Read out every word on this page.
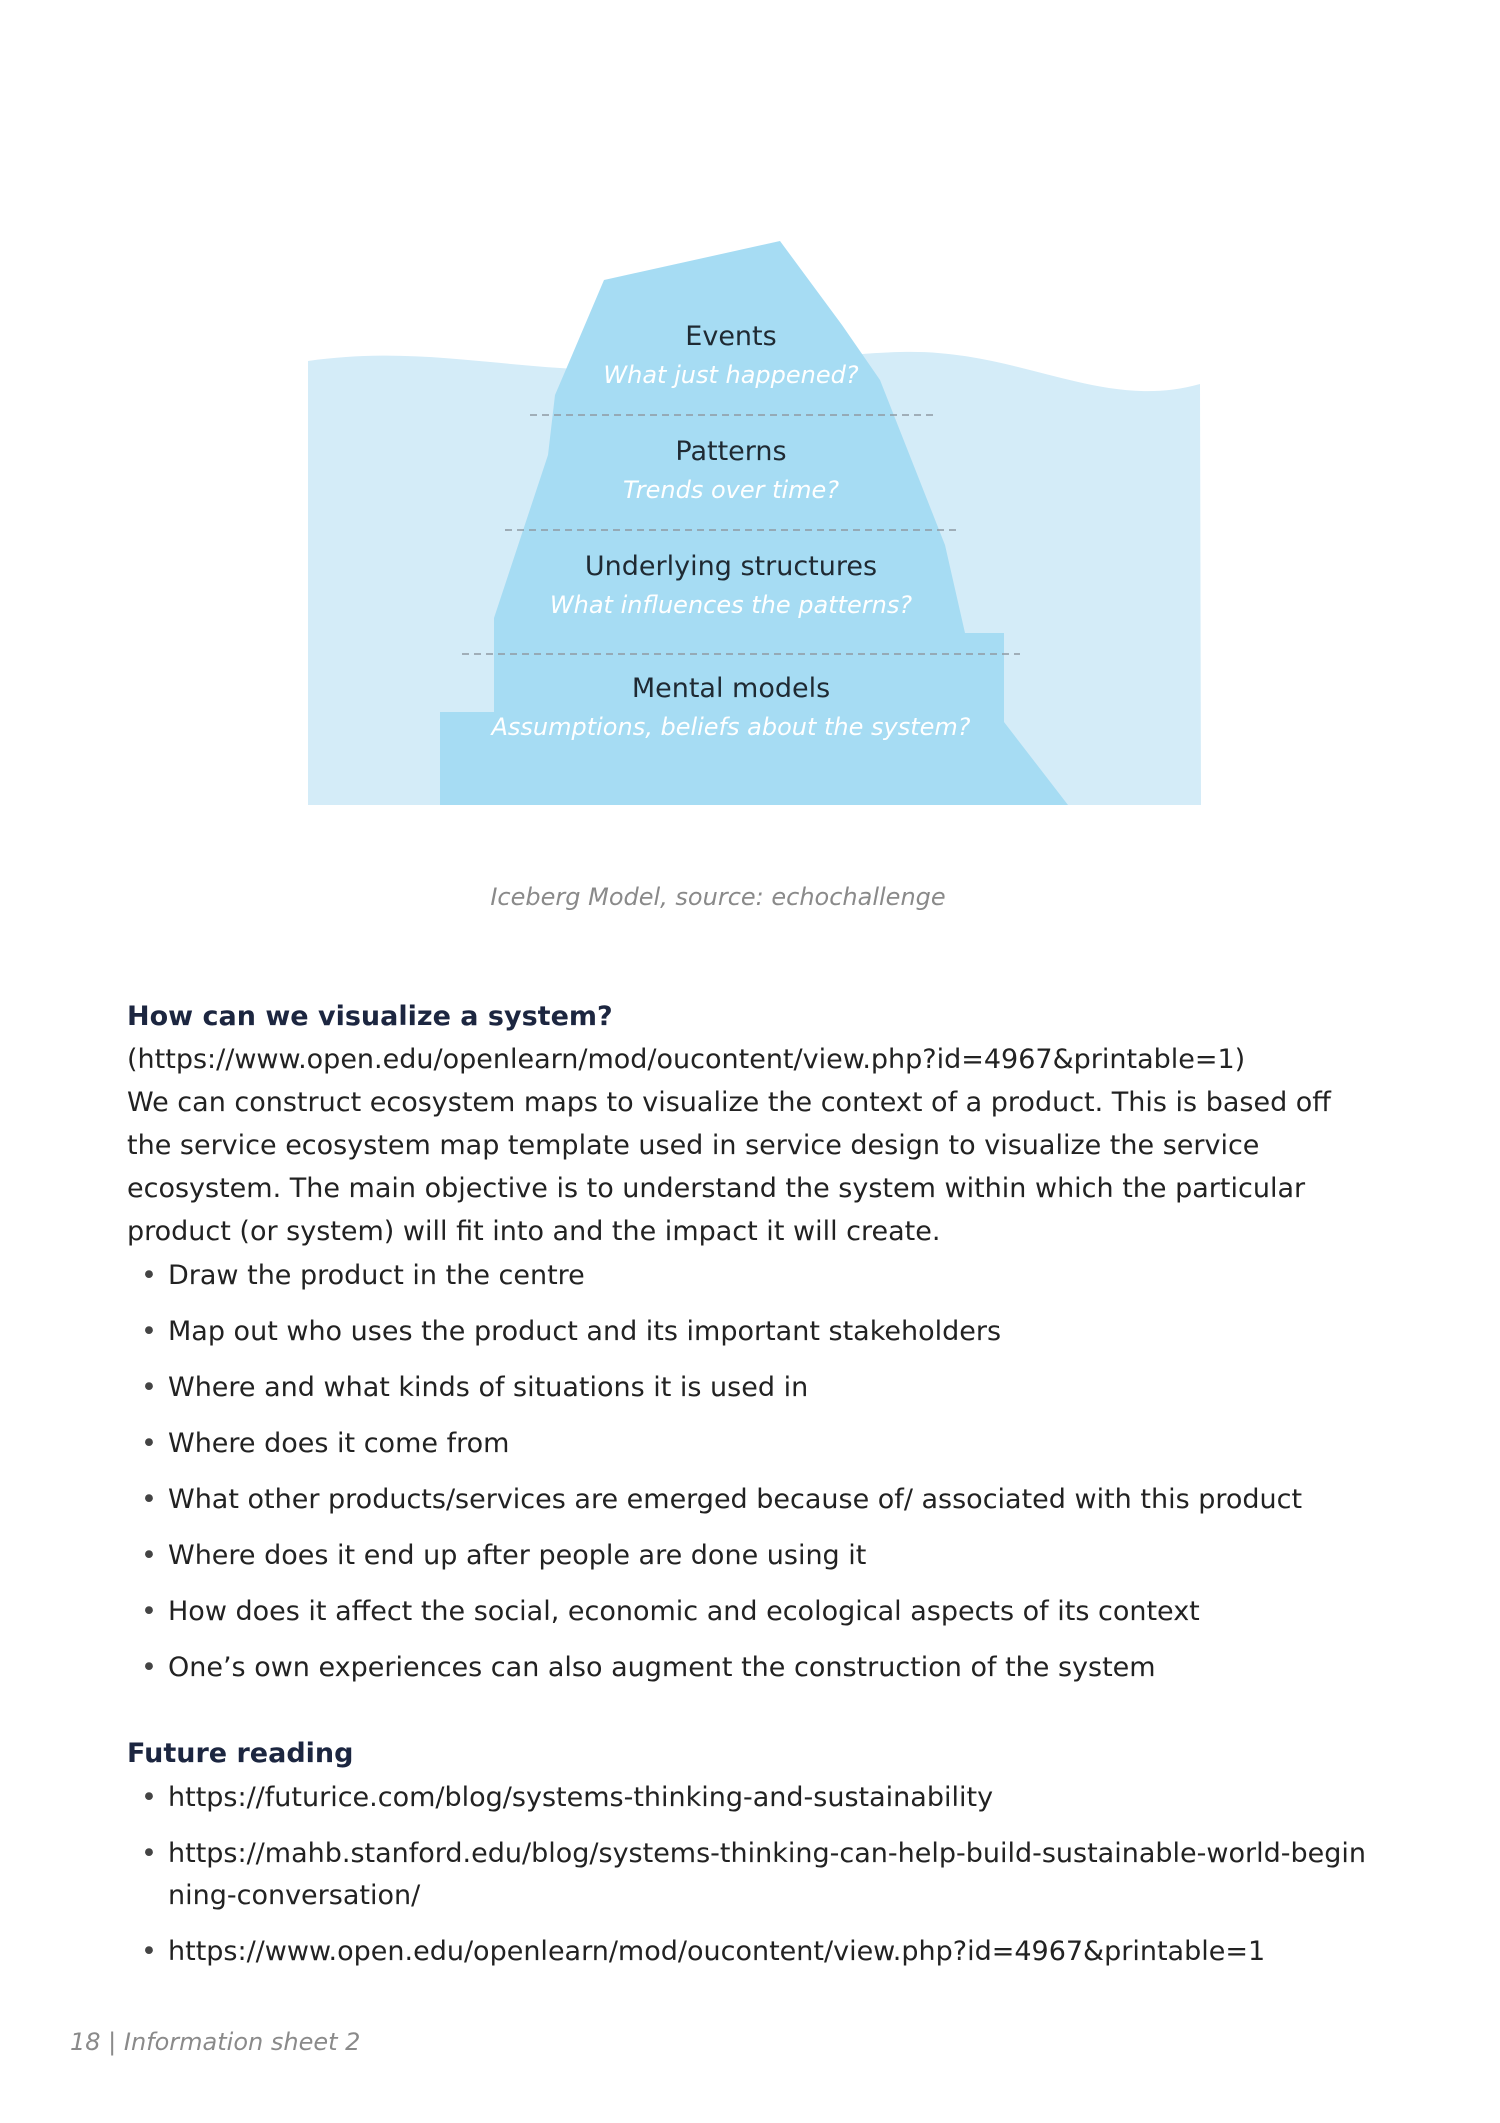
Events
What just happened?
Patterns
Trends over time?
Underlying structures
What influences the patterns?
Mental models
Assumptions, beliefs about the system?
Iceberg Model, source: echochallenge
How can we visualize a system?

(https://www.open.edu/openlearn/mod/oucontent/view.php?id=4967&printable=1)

We can construct ecosystem maps to visualize the context of a product. This is based off the service ecosystem map template used in service design to visualize the service ecosystem. The main objective is to understand the system within which the particular product (or system) will fit into and the impact it will create.

• Draw the product in the centre
• Map out who uses the product and its important stakeholders
• Where and what kinds of situations it is used in
• Where does it come from
• What other products/services are emerged because of/ associated with this product
• Where does it end up after people are done using it
• How does it affect the social, economic and ecological aspects of its context
• One’s own experiences can also augment the construction of the system
Future reading
• https://futurice.com/blog/systems-thinking-and-sustainability
• https://mahb.stanford.edu/blog/systems-thinking-can-help-build-sustainable-world-beginning-conversation/
• https://www.open.edu/openlearn/mod/oucontent/view.php?id=4967&printable=1
18 | Information sheet 2
